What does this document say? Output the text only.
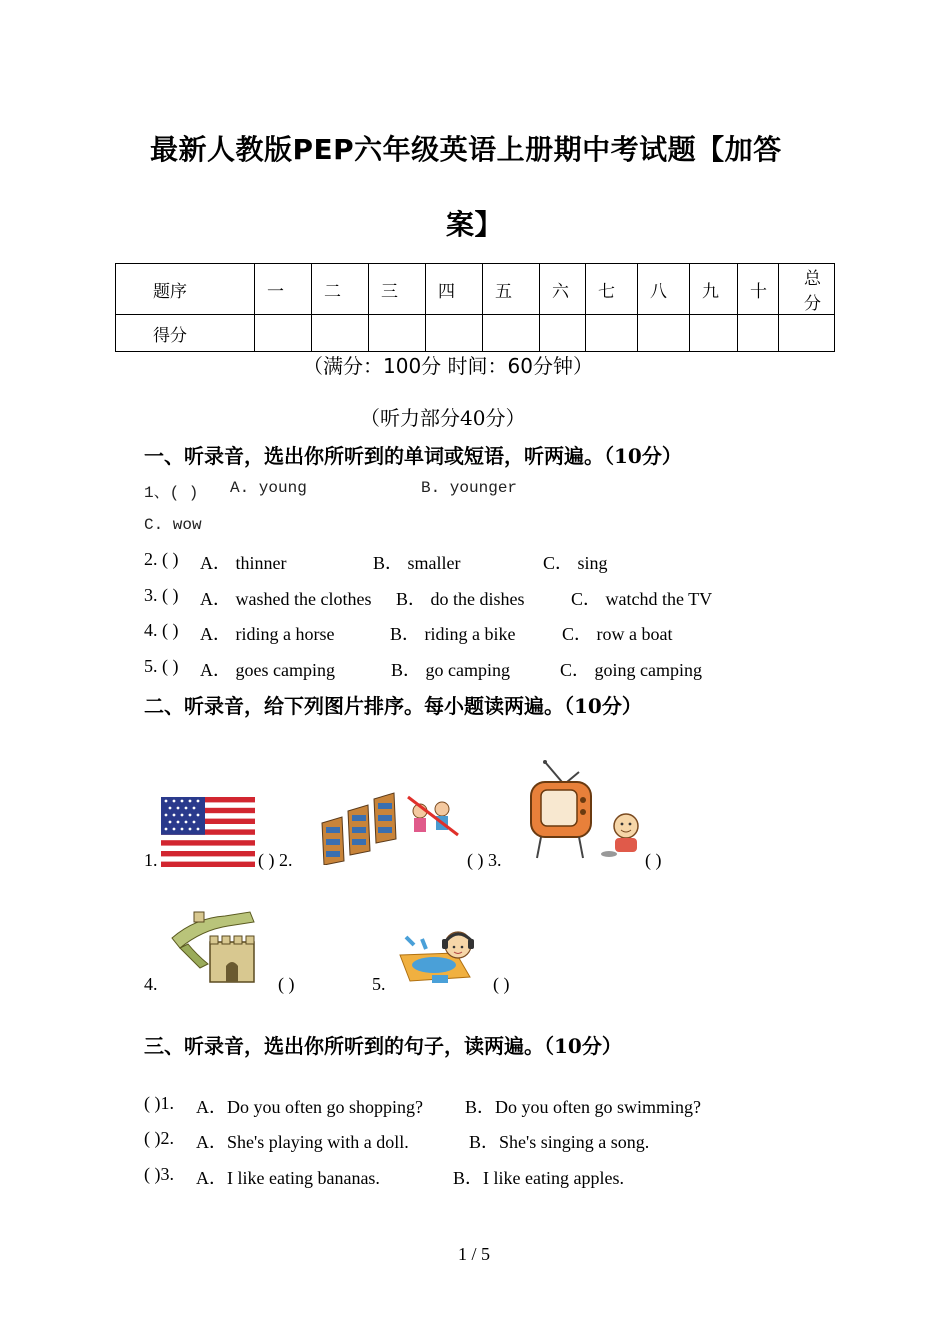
最新人教版PEP六年级英语上册期中考试题【加答
案】
题序	一	二	三	四	五	六	七	八	九	十	总分
得分											
（满分：100分 时间：60分钟）
（听力部分40分）
一、听录音，选出你所听到的单词或短语，听两遍。（10分）
1、( ) A. young	B. younger
C. wow
2. ( ) A． thinner	B． smaller	C． sing
3. ( ) A． washed the clothes B． do the dishes	C． watchd the TV
4. ( ) A． riding a horse	B． riding a bike	C． row a boat
5. ( ) A． goes camping	B． go camping	C． going camping
二、听录音，给下列图片排序。每小题读两遍。（10分）
1.	( ) 2.	( ) 3.	( )
4.	( )	5.	( )
三、听录音，选出你所听到的句子，读两遍。（10分）
( )1. A．Do you often go shopping? B．Do you often go swimming?
( )2. A．She's playing with a doll.	B．She's singing a song.
( )3. A．I like eating bananas.	B．I like eating apples.
1 / 5
